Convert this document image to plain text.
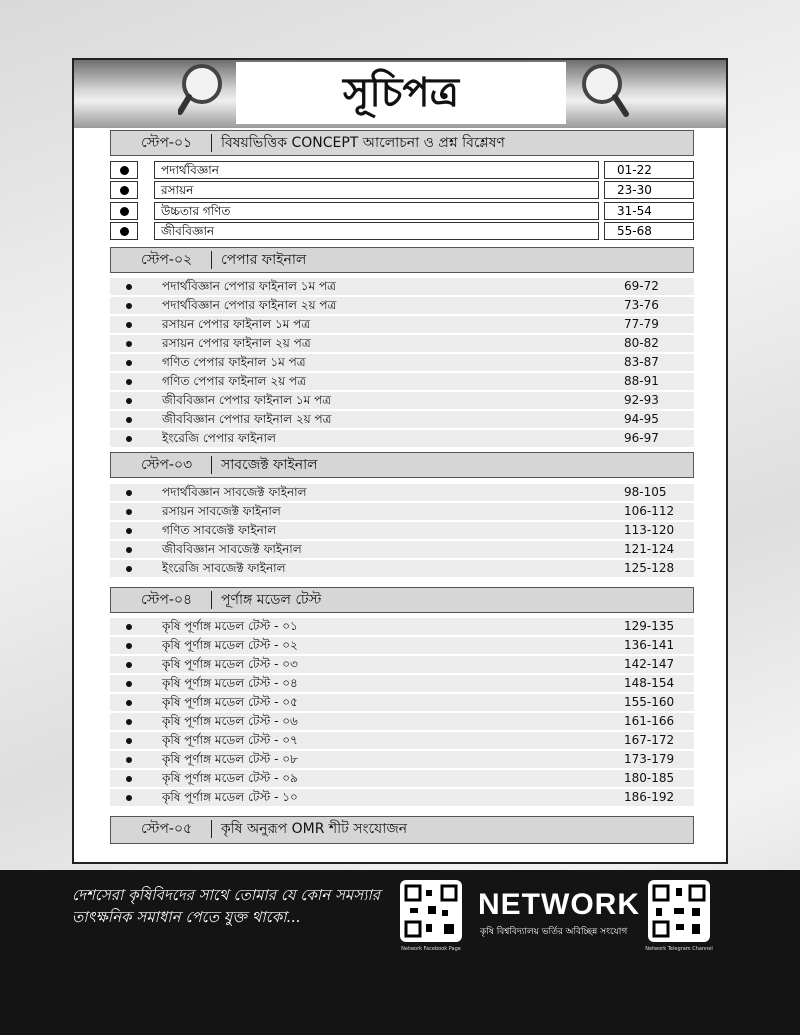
সূচিপত্র
স্টেপ-০১ বিষয়ভিত্তিক CONCEPT আলোচনা ও প্রশ্ন বিশ্লেষণ
পদার্থবিজ্ঞান	01-22
রসায়ন	23-30
উচ্চতার গণিত	31-54
জীববিজ্ঞান	55-68
স্টেপ-০২ পেপার ফাইনাল
পদার্থবিজ্ঞান পেপার ফাইনাল ১ম পত্র	69-72
পদার্থবিজ্ঞান পেপার ফাইনাল ২য় পত্র	73-76
রসায়ন পেপার ফাইনাল ১ম পত্র	77-79
রসায়ন পেপার ফাইনাল ২য় পত্র	80-82
গণিত পেপার ফাইনাল ১ম পত্র	83-87
গণিত পেপার ফাইনাল ২য় পত্র	88-91
জীববিজ্ঞান পেপার ফাইনাল ১ম পত্র	92-93
জীববিজ্ঞান পেপার ফাইনাল ২য় পত্র	94-95
ইংরেজি পেপার ফাইনাল	96-97
স্টেপ-০৩ সাবজেক্ট ফাইনাল
পদার্থবিজ্ঞান সাবজেক্ট ফাইনাল	98-105
রসায়ন সাবজেক্ট ফাইনাল	106-112
গণিত সাবজেক্ট ফাইনাল	113-120
জীববিজ্ঞান সাবজেক্ট ফাইনাল	121-124
ইংরেজি সাবজেক্ট ফাইনাল	125-128
স্টেপ-০৪ পূর্ণাঙ্গ মডেল টেস্ট
কৃষি পূর্ণাঙ্গ মডেল টেস্ট - ০১	129-135
কৃষি পূর্ণাঙ্গ মডেল টেস্ট - ০২	136-141
কৃষি পূর্ণাঙ্গ মডেল টেস্ট - ০৩	142-147
কৃষি পূর্ণাঙ্গ মডেল টেস্ট - ০৪	148-154
কৃষি পূর্ণাঙ্গ মডেল টেস্ট - ০৫	155-160
কৃষি পূর্ণাঙ্গ মডেল টেস্ট - ০৬	161-166
কৃষি পূর্ণাঙ্গ মডেল টেস্ট - ০৭	167-172
কৃষি পূর্ণাঙ্গ মডেল টেস্ট - ০৮	173-179
কৃষি পূর্ণাঙ্গ মডেল টেস্ট - ০৯	180-185
কৃষি পূর্ণাঙ্গ মডেল টেস্ট - ১০	186-192
স্টেপ-০৫ কৃষি অনুরূপ OMR শীট সংযোজন
দেশসেরা কৃষিবিদদের সাথে তোমার যে কোন সমস্যার
তাৎক্ষনিক সমাধান পেতে যুক্ত থাকো...
Network Facebook Page
NETWORK
কৃষি বিশ্ববিদ্যালয় ভর্তির অবিচ্ছিন্ন সংযোগ
Network Telegram Channel
